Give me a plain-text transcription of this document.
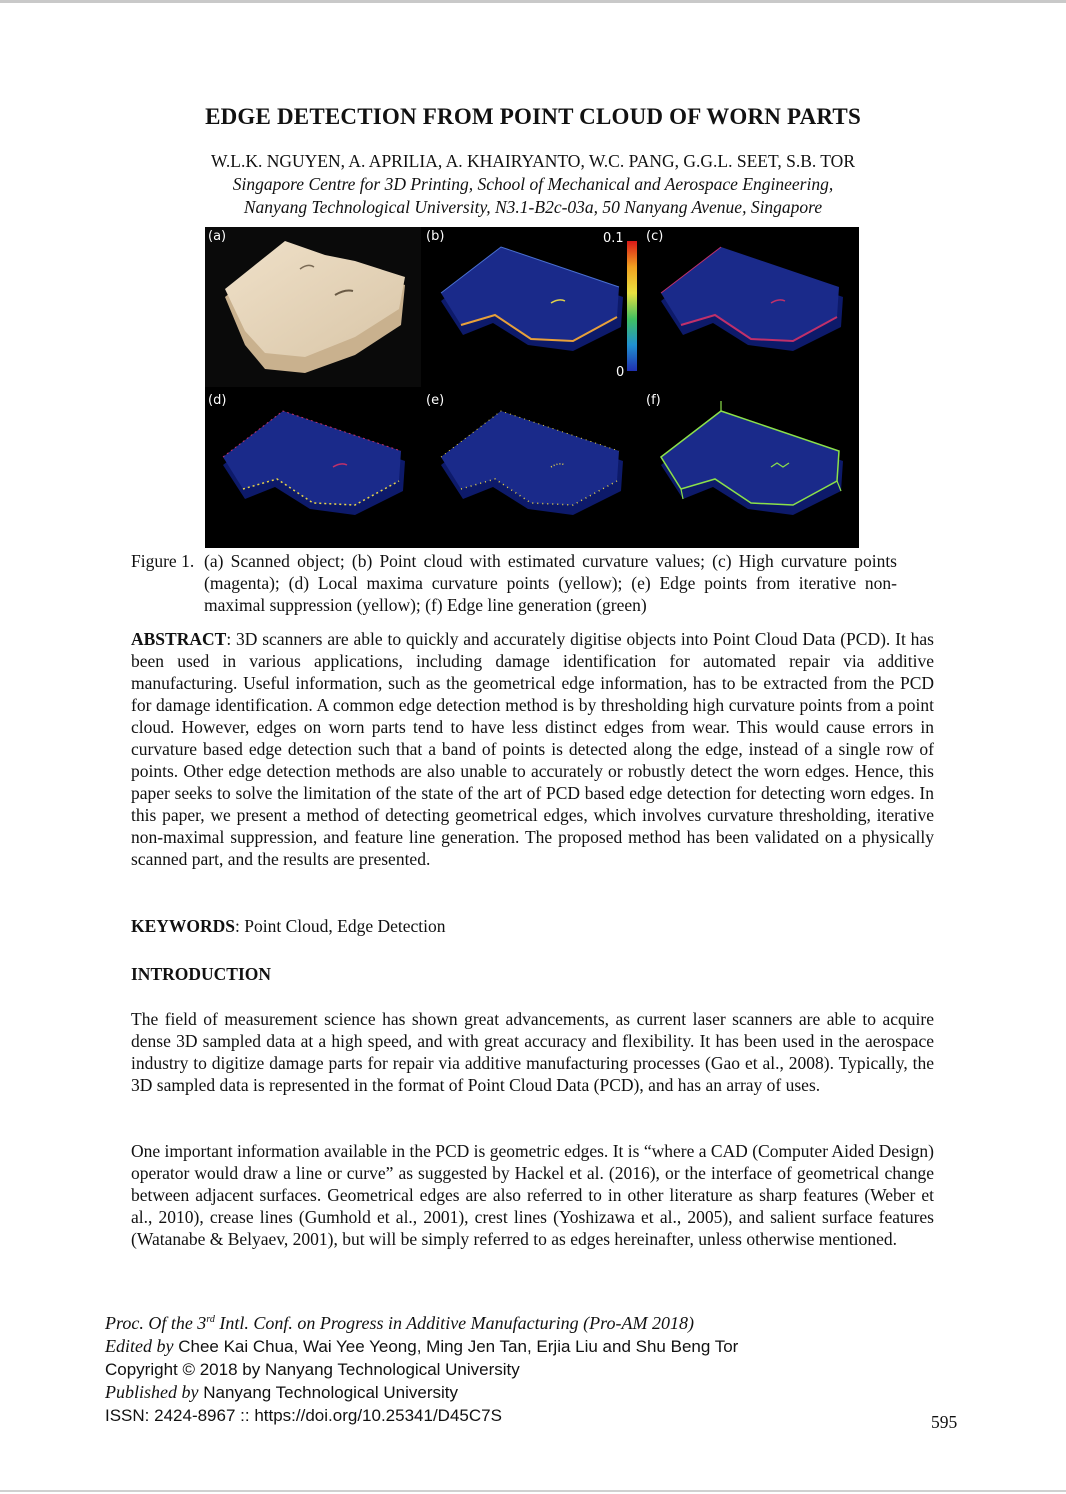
EDGE DETECTION FROM POINT CLOUD OF WORN PARTS
W.L.K. NGUYEN, A. APRILIA, A. KHAIRYANTO, W.C. PANG, G.G.L. SEET, S.B. TOR
Singapore Centre for 3D Printing, School of Mechanical and Aerospace Engineering,
Nanyang Technological University, N3.1-B2c-03a, 50 Nanyang Avenue, Singapore
(a)	(b)	0.1
0
(c)
(d)	(e)	(f)
Figure 1. (a) Scanned object; (b) Point cloud with estimated curvature values; (c) High curvature points (magenta); (d) Local maxima curvature points (yellow); (e) Edge points from iterative non-maximal suppression (yellow); (f) Edge line generation (green)
ABSTRACT: 3D scanners are able to quickly and accurately digitise objects into Point Cloud Data (PCD). It has been used in various applications, including damage identification for automated repair via additive manufacturing. Useful information, such as the geometrical edge information, has to be extracted from the PCD for damage identification. A common edge detection method is by thresholding high curvature points from a point cloud. However, edges on worn parts tend to have less distinct edges from wear. This would cause errors in curvature based edge detection such that a band of points is detected along the edge, instead of a single row of points. Other edge detection methods are also unable to accurately or robustly detect the worn edges. Hence, this paper seeks to solve the limitation of the state of the art of PCD based edge detection for detecting worn edges. In this paper, we present a method of detecting geometrical edges, which involves curvature thresholding, iterative non-maximal suppression, and feature line generation. The proposed method has been validated on a physically scanned part, and the results are presented.
KEYWORDS: Point Cloud, Edge Detection
INTRODUCTION
The field of measurement science has shown great advancements, as current laser scanners are able to acquire dense 3D sampled data at a high speed, and with great accuracy and flexibility. It has been used in the aerospace industry to digitize damage parts for repair via additive manufacturing processes (Gao et al., 2008). Typically, the 3D sampled data is represented in the format of Point Cloud Data (PCD), and has an array of uses.
One important information available in the PCD is geometric edges. It is “where a CAD (Computer Aided Design) operator would draw a line or curve” as suggested by Hackel et al. (2016), or the interface of geometrical change between adjacent surfaces. Geometrical edges are also referred to in other literature as sharp features (Weber et al., 2010), crease lines (Gumhold et al., 2001), crest lines (Yoshizawa et al., 2005), and salient surface features (Watanabe & Belyaev, 2001), but will be simply referred to as edges hereinafter, unless otherwise mentioned.
Proc. Of the 3rd Intl. Conf. on Progress in Additive Manufacturing (Pro-AM 2018)
Edited by Chee Kai Chua, Wai Yee Yeong, Ming Jen Tan, Erjia Liu and Shu Beng Tor
Copyright © 2018 by Nanyang Technological University
Published by Nanyang Technological University
ISSN: 2424-8967 :: https://doi.org/10.25341/D45C7S	595
